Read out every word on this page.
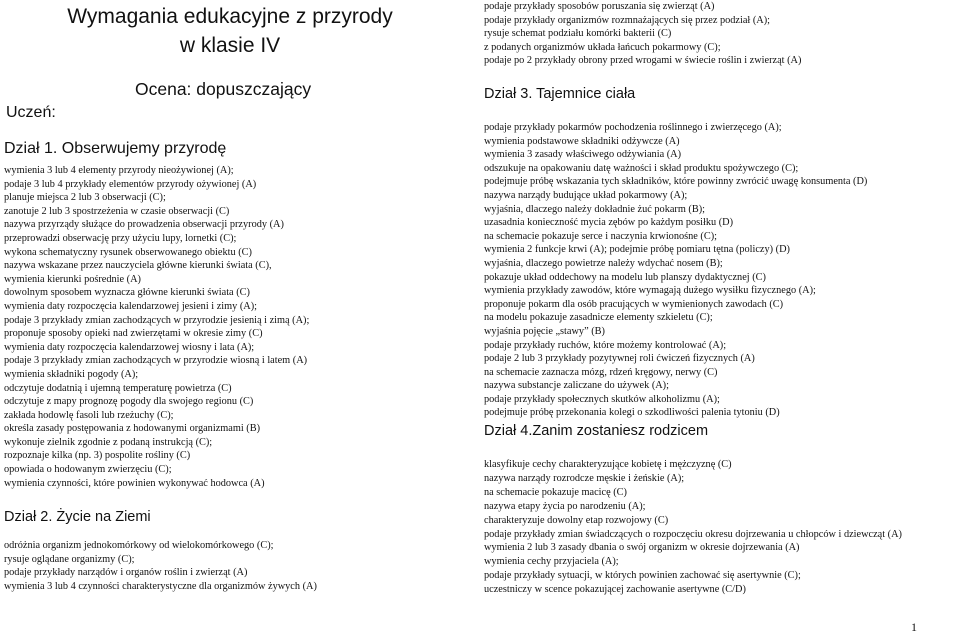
Wymagania edukacyjne z przyrody
w klasie IV
Uczeń:
Ocena: dopuszczający
Dział 1. Obserwujemy przyrodę
wymienia 3 lub 4 elementy przyrody nieożywionej (A);
podaje 3 lub 4 przykłady elementów przyrody ożywionej (A)
planuje miejsca 2 lub 3 obserwacji (C);
zanotuje 2 lub 3 spostrzeżenia w czasie obserwacji (C)
nazywa przyrządy służące do prowadzenia obserwacji przyrody (A)
przeprowadzi obserwację przy użyciu lupy, lornetki (C);
wykona schematyczny rysunek obserwowanego obiektu (C)
nazywa wskazane przez nauczyciela główne kierunki świata (C),
wymienia kierunki pośrednie (A)
dowolnym sposobem wyznacza główne kierunki świata (C)
wymienia daty rozpoczęcia kalendarzowej jesieni i zimy (A);
podaje 3 przykłady zmian zachodzących w przyrodzie jesienią i zimą (A);
proponuje sposoby opieki nad zwierzętami w okresie zimy (C)
wymienia daty rozpoczęcia kalendarzowej wiosny i lata (A);
podaje 3 przykłady zmian zachodzących w przyrodzie wiosną i latem (A)
wymienia składniki pogody (A);
odczytuje dodatnią i ujemną temperaturę powietrza (C)
odczytuje z mapy prognozę pogody dla swojego regionu (C)
zakłada hodowlę fasoli lub rzeżuchy (C);
określa zasady postępowania z hodowanymi organizmami (B)
wykonuje zielnik zgodnie z podaną instrukcją (C);
rozpoznaje kilka (np. 3) pospolite rośliny (C)
opowiada o hodowanym zwierzęciu (C);
wymienia czynności, które powinien wykonywać hodowca (A)
Dział 2. Życie na Ziemi
odróżnia organizm jednokomórkowy od wielokomórkowego (C);
rysuje oglądane organizmy (C);
podaje przykłady narządów i organów roślin i zwierząt (A)
wymienia 3 lub 4 czynności charakterystyczne dla organizmów żywych (A)
podaje przykłady sposobów poruszania się zwierząt (A)
podaje przykłady organizmów rozmnażających się przez podział (A);
rysuje schemat podziału komórki bakterii (C)
z podanych organizmów układa łańcuch pokarmowy (C);
podaje po 2 przykłady obrony przed wrogami w świecie roślin i zwierząt (A)
Dział 3. Tajemnice ciała
podaje przykłady pokarmów pochodzenia roślinnego i zwierzęcego (A);
wymienia podstawowe składniki odżywcze (A)
wymienia 3 zasady właściwego odżywiania (A)
odszukuje na opakowaniu datę ważności i skład produktu spożywczego (C);
podejmuje próbę wskazania tych składników, które powinny zwrócić uwagę konsumenta (D)
nazywa narządy budujące układ pokarmowy (A);
wyjaśnia, dlaczego należy dokładnie żuć pokarm (B);
uzasadnia konieczność mycia zębów po każdym posiłku (D)
na schemacie pokazuje serce i naczynia krwionośne (C);
wymienia 2 funkcje krwi (A); podejmie próbę pomiaru tętna (policzy) (D)
wyjaśnia, dlaczego powietrze należy wdychać nosem (B);
pokazuje układ oddechowy na modelu lub planszy dydaktycznej (C)
wymienia przykłady zawodów, które wymagają dużego wysiłku fizycznego (A);
proponuje pokarm dla osób pracujących w wymienionych zawodach (C)
na modelu pokazuje zasadnicze elementy szkieletu (C);
wyjaśnia pojęcie „stawy” (B)
podaje przykłady ruchów, które możemy kontrolować (A);
podaje 2 lub 3 przykłady pozytywnej roli ćwiczeń fizycznych (A)
na schemacie zaznacza mózg, rdzeń kręgowy, nerwy (C)
nazywa substancje zaliczane do używek (A);
podaje przykłady społecznych skutków alkoholizmu (A);
podejmuje próbę przekonania kolegi o szkodliwości palenia tytoniu (D)
Dział 4.Zanim zostaniesz rodzicem
klasyfikuje cechy charakteryzujące kobietę i mężczyznę (C)
nazywa narządy rozrodcze męskie i żeńskie (A);
na schemacie pokazuje macicę (C)
nazywa etapy życia po narodzeniu (A);
charakteryzuje dowolny etap rozwojowy (C)
podaje przykłady zmian świadczących o rozpoczęciu okresu dojrzewania u chłopców i dziewcząt (A)
wymienia 2 lub 3 zasady dbania o swój organizm w okresie dojrzewania (A)
wymienia cechy przyjaciela (A);
podaje przykłady sytuacji, w których powinien zachować się asertywnie (C);
uczestniczy w scence pokazującej zachowanie asertywne (C/D)
1
